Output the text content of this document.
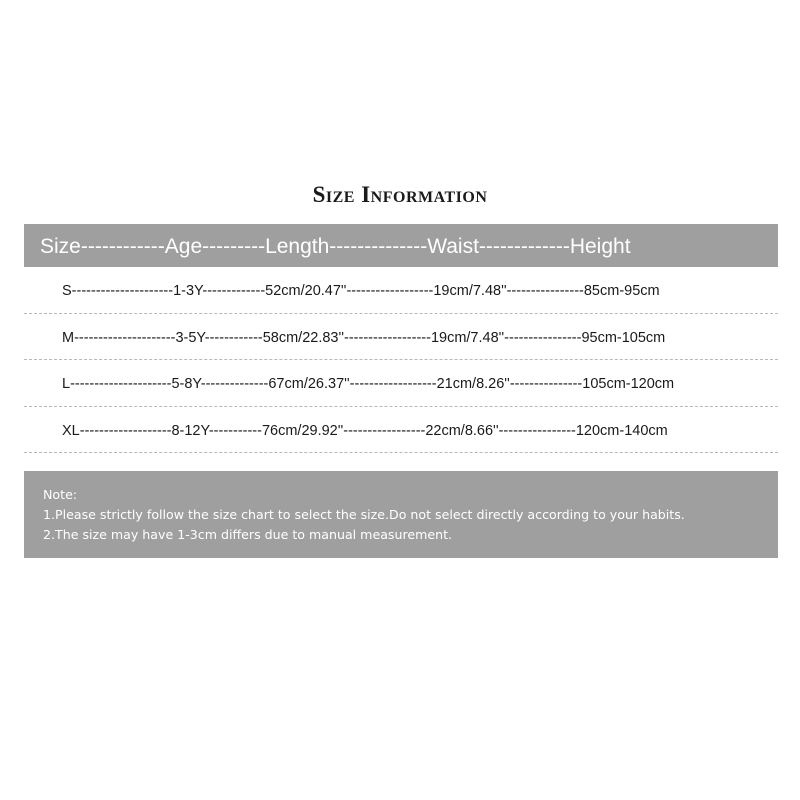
Size Information
Size------------Age---------Length--------------Waist-------------Height
S---------------------1-3Y-------------52cm/20.47''------------------19cm/7.48''----------------85cm-95cm
M---------------------3-5Y------------58cm/22.83''------------------19cm/7.48''----------------95cm-105cm
L---------------------5-8Y--------------67cm/26.37''------------------21cm/8.26''---------------105cm-120cm
XL-------------------8-12Y-----------76cm/29.92''-----------------22cm/8.66''----------------120cm-140cm
Note:
1.Please strictly follow the size chart to select the size.Do not select directly according to your habits.
2.The size may have 1-3cm differs due to manual measurement.
